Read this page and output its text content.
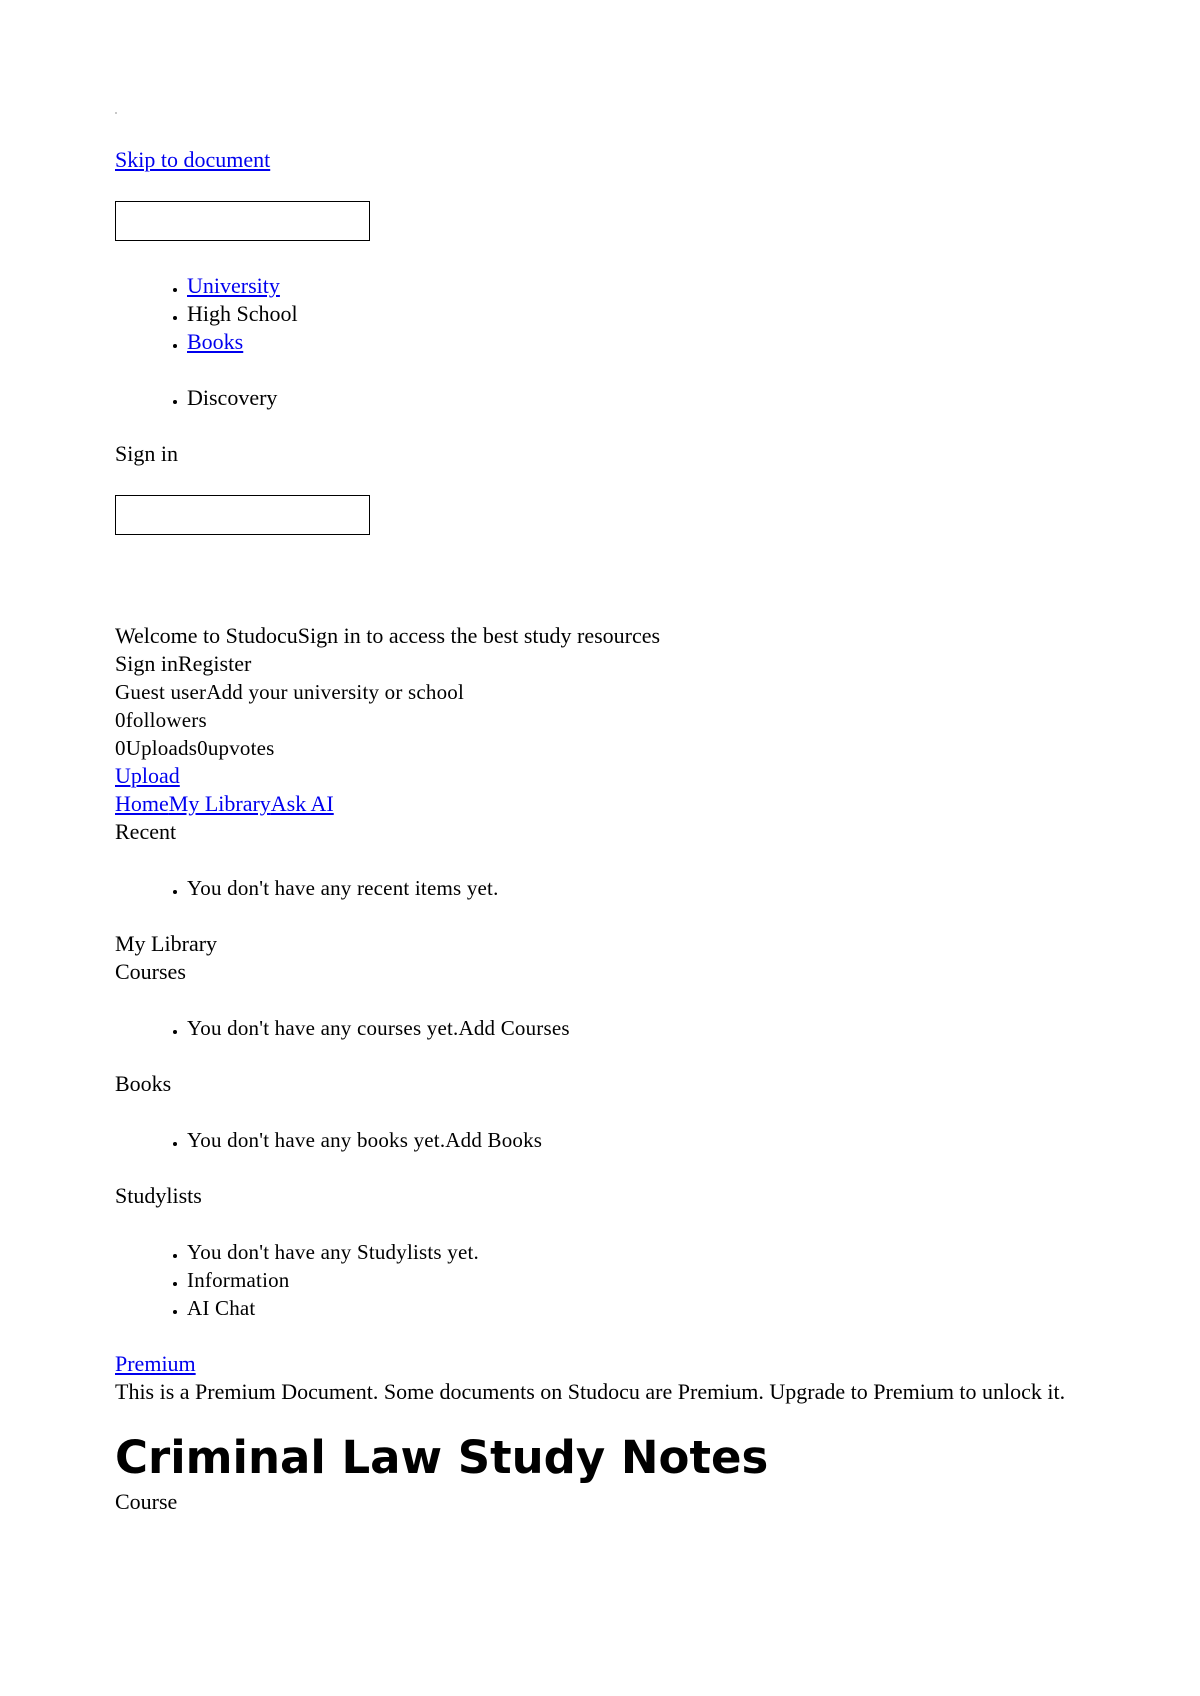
Skip to document
• University
• High School
• Books
• Discovery
Sign in
Welcome to StudocuSign in to access the best study resources
Sign inRegister
Guest userAdd your university or school
0followers
0Uploads0upvotes
Upload
HomeMy LibraryAsk AI
Recent
• You don't have any recent items yet.
My Library
Courses
• You don't have any courses yet.Add Courses
Books
• You don't have any books yet.Add Books
Studylists
• You don't have any Studylists yet.
• Information
• AI Chat
Premium
This is a Premium Document. Some documents on Studocu are Premium. Upgrade to Premium to unlock it.
Criminal Law Study Notes
Course
